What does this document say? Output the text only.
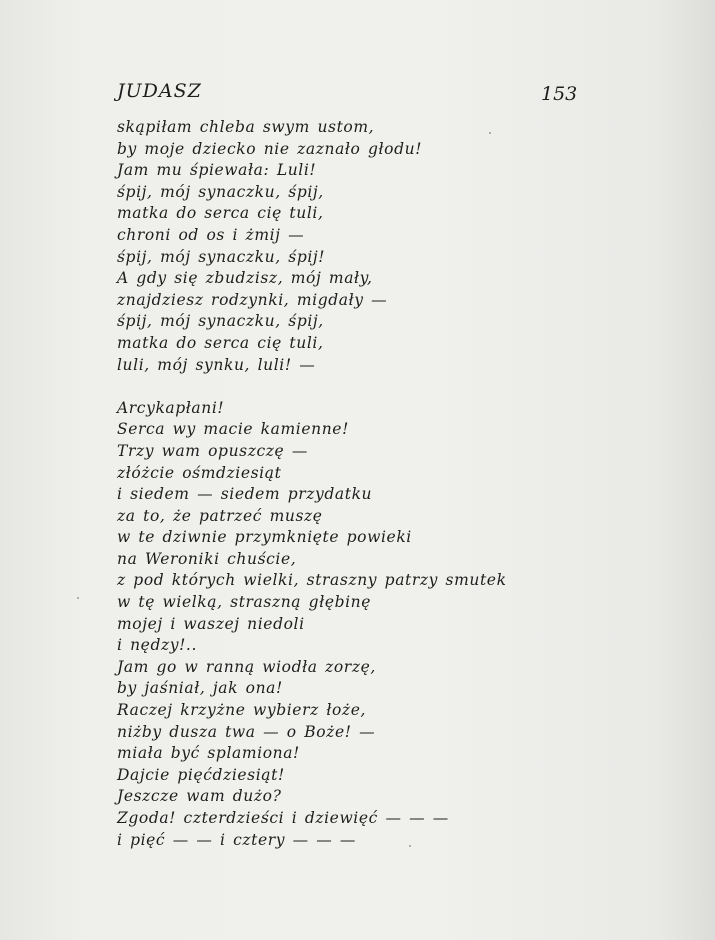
JUDASZ	153
skąpiłam chleba swym ustom,
by moje dziecko nie zaznało głodu!
Jam mu śpiewała: Luli!
śpij, mój synaczku, śpij,
matka do serca cię tuli,
chroni od os i żmij —
śpij, mój synaczku, śpij!
A gdy się zbudzisz, mój mały,
znajdziesz rodzynki, migdały —
śpij, mój synaczku, śpij,
matka do serca cię tuli,
luli, mój synku, luli! —
Arcykapłani!
Serca wy macie kamienne!
Trzy wam opuszczę —
złóżcie ośmdziesiąt
i siedem — siedem przydatku
za to, że patrzeć muszę
w te dziwnie przymknięte powieki
na Weroniki chuście,
z pod których wielki, straszny patrzy smutek
w tę wielką, straszną głębinę
mojej i waszej niedoli
i nędzy!..
Jam go w ranną wiodła zorzę,
by jaśniał, jak ona!
Raczej krzyżne wybierz łoże,
niżby dusza twa — o Boże! —
miała być splamiona!
Dajcie pięćdziesiąt!
Jeszcze wam dużo?
Zgoda! czterdzieści i dziewięć — — —
i pięć — — i cztery — — —
